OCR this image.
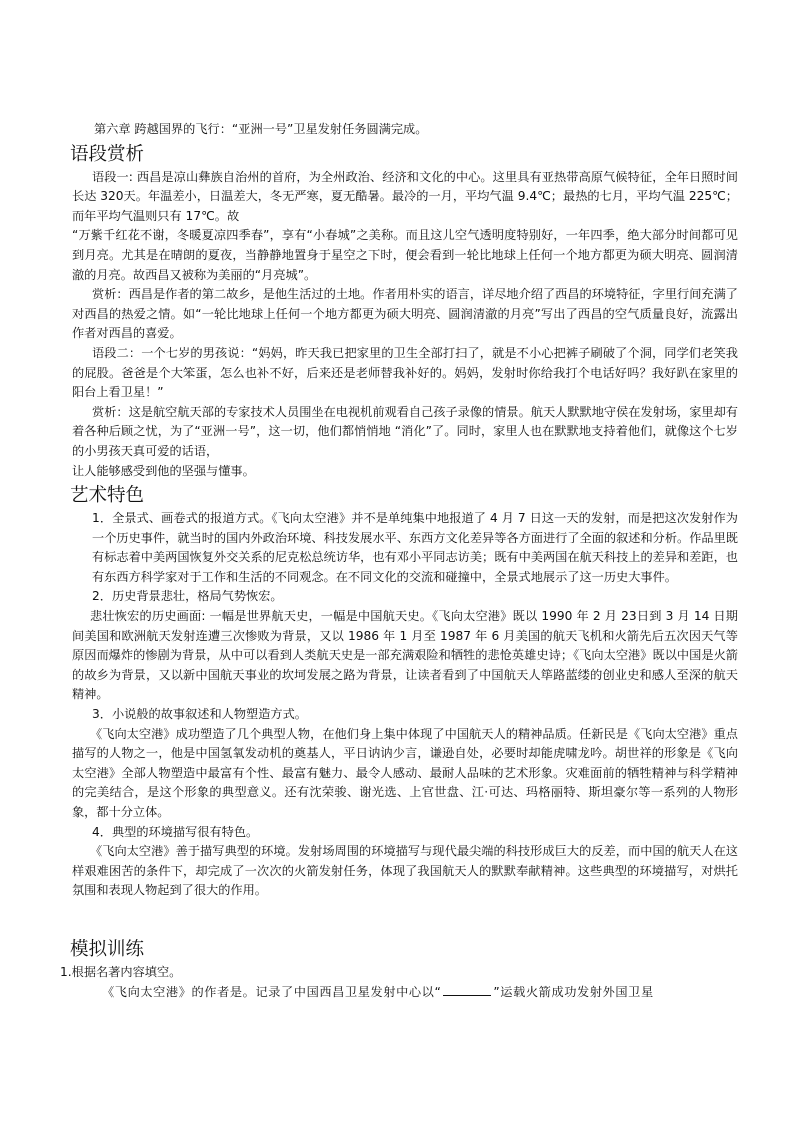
第六章 跨越国界的飞行：“亚洲一号”卫星发射任务圆满完成。

语段赏析

语段一: 西昌是凉山彝族自治州的首府，为全州政治、经济和文化的中心。这里具有亚热带高原气候特征，全年日照时间长达 320天。年温差小，日温差大，冬无严寒，夏无酷暑。最冷的一月，平均气温 9.4℃；最热的七月，平均气温 225℃；而年平均气温则只有 17℃。故

“万紫千红花不谢，冬暖夏凉四季春”，享有“小春城”之美称。而且这儿空气透明度特别好，一年四季，绝大部分时间都可见到月亮。尤其是在晴朗的夏夜，当静静地置身于星空之下时，便会看到一轮比地球上任何一个地方都更为硕大明亮、圆润清澈的月亮。故西昌又被称为美丽的“月亮城”。

赏析：西昌是作者的第二故乡，是他生活过的土地。作者用朴实的语言，详尽地介绍了西昌的环境特征，字里行间充满了对西昌的热爱之情。如“一轮比地球上任何一个地方都更为硕大明亮、圆润清澈的月亮”写出了西昌的空气质量良好，流露出作者对西昌的喜爱。

语段二：一个七岁的男孩说：“妈妈，昨天我已把家里的卫生全部打扫了，就是不小心把裤子刷破了个洞，同学们老笑我的屁股。爸爸是个大笨蛋，怎么也补不好，后来还是老师替我补好的。妈妈，发射时你给我打个电话好吗？我好趴在家里的阳台上看卫星！”

赏析：这是航空航天部的专家技术人员围坐在电视机前观看自己孩子录像的情景。航天人默默地守侯在发射场，家里却有着各种后顾之忧，为了“亚洲一号”，这一切，他们都悄悄地 “消化”了。同时，家里人也在默默地支持着他们，就像这个七岁的小男孩天真可爱的话语，

让人能够感受到他的坚强与懂事。

艺术特色

1．全景式、画卷式的报道方式。《飞向太空港》并不是单纯集中地报道了 4 月 7 日这一天的发射，而是把这次发射作为一个历史事件，就当时的国内外政治环境、科技发展水平、东西方文化差异等各方面进行了全面的叙述和分析。作品里既有标志着中美两国恢复外交关系的尼克松总统访华，也有邓小平同志访美；既有中美两国在航天科技上的差异和差距，也有东西方科学家对于工作和生活的不同观念。在不同文化的交流和碰撞中，全景式地展示了这一历史大事件。

2．历史背景悲壮，格局气势恢宏。

悲壮恢宏的历史画面: 一幅是世界航天史，一幅是中国航天史。《飞向太空港》既以 1990 年 2 月 23日到 3 月 14 日期间美国和欧洲航天发射连遭三次惨败为背景，又以 1986 年 1 月至 1987 年 6 月美国的航天飞机和火箭先后五次因天气等原因而爆炸的惨剧为背景，从中可以看到人类航天史是一部充满艰险和牺牲的悲怆英雄史诗；《飞向太空港》既以中国是火箭的故乡为背景，又以新中国航天事业的坎坷发展之路为背景，让读者看到了中国航天人筚路蓝缕的创业史和感人至深的航天精神。

3．小说般的故事叙述和人物塑造方式。

《飞向太空港》成功塑造了几个典型人物，在他们身上集中体现了中国航天人的精神品质。任新民是《飞向太空港》重点描写的人物之一，他是中国氢氧发动机的奠基人，平日讷讷少言，谦逊自处，必要时却能虎啸龙吟。胡世祥的形象是《飞向太空港》全部人物塑造中最富有个性、最富有魅力、最令人感动、最耐人品味的艺术形象。灾难面前的牺牲精神与科学精神的完美结合，是这个形象的典型意义。还有沈荣骏、谢光选、上官世盘、江·可达、玛格丽特、斯坦豪尔等一系列的人物形象，都十分立体。

4．典型的环境描写很有特色。

《飞向太空港》善于描写典型的环境。发射场周围的环境描写与现代最尖端的科技形成巨大的反差，而中国的航天人在这样艰难困苦的条件下，却完成了一次次的火箭发射任务，体现了我国航天人的默默奉献精神。这些典型的环境描写，对烘托氛围和表现人物起到了很大的作用。

模拟训练

1.根据名著内容填空。

《飞向太空港》的作者是。记录了中国西昌卫星发射中心以“	”运载火箭成功发射外国卫星
